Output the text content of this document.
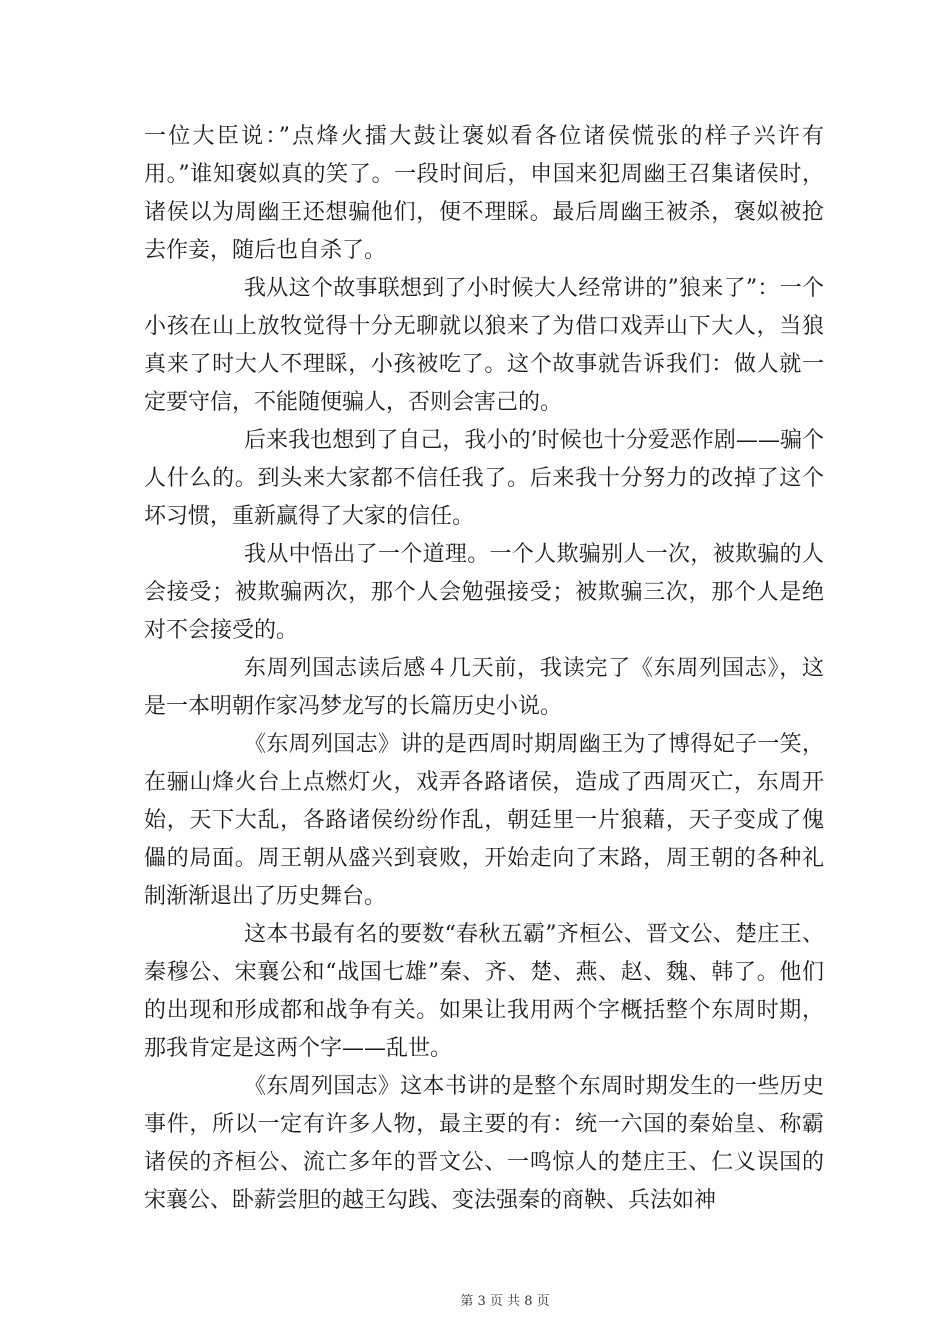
一位大臣说：”点烽火擂大鼓让褒姒看各位诸侯慌张的样子兴许有用。”谁知褒姒真的笑了。一段时间后，申国来犯周幽王召集诸侯时，诸侯以为周幽王还想骗他们，便不理睬。最后周幽王被杀，褒姒被抢去作妾，随后也自杀了。

我从这个故事联想到了小时候大人经常讲的”狼来了”：一个小孩在山上放牧觉得十分无聊就以狼来了为借口戏弄山下大人，当狼真来了时大人不理睬，小孩被吃了。这个故事就告诉我们：做人就一定要守信，不能随便骗人，否则会害己的。

后来我也想到了自己，我小的’时候也十分爱恶作剧——骗个人什么的。到头来大家都不信任我了。后来我十分努力的改掉了这个坏习惯，重新赢得了大家的信任。

我从中悟出了一个道理。一个人欺骗别人一次，被欺骗的人会接受；被欺骗两次，那个人会勉强接受；被欺骗三次，那个人是绝对不会接受的。

东周列国志读后感４几天前，我读完了《东周列国志》，这是一本明朝作家冯梦龙写的长篇历史小说。

《东周列国志》讲的是西周时期周幽王为了博得妃子一笑，在骊山烽火台上点燃灯火，戏弄各路诸侯，造成了西周灭亡，东周开始，天下大乱，各路诸侯纷纷作乱，朝廷里一片狼藉，天子变成了傀儡的局面。周王朝从盛兴到衰败，开始走向了末路，周王朝的各种礼制渐渐退出了历史舞台。

这本书最有名的要数“春秋五霸”齐桓公、晋文公、楚庄王、秦穆公、宋襄公和“战国七雄”秦、齐、楚、燕、赵、魏、韩了。他们的出现和形成都和战争有关。如果让我用两个字概括整个东周时期，那我肯定是这两个字——乱世。

《东周列国志》这本书讲的是整个东周时期发生的一些历史事件，所以一定有许多人物，最主要的有：统一六国的秦始皇、称霸诸侯的齐桓公、流亡多年的晋文公、一鸣惊人的楚庄王、仁义误国的宋襄公、卧薪尝胆的越王勾践、变法强秦的商鞅、兵法如神

第 3 页 共 8 页
